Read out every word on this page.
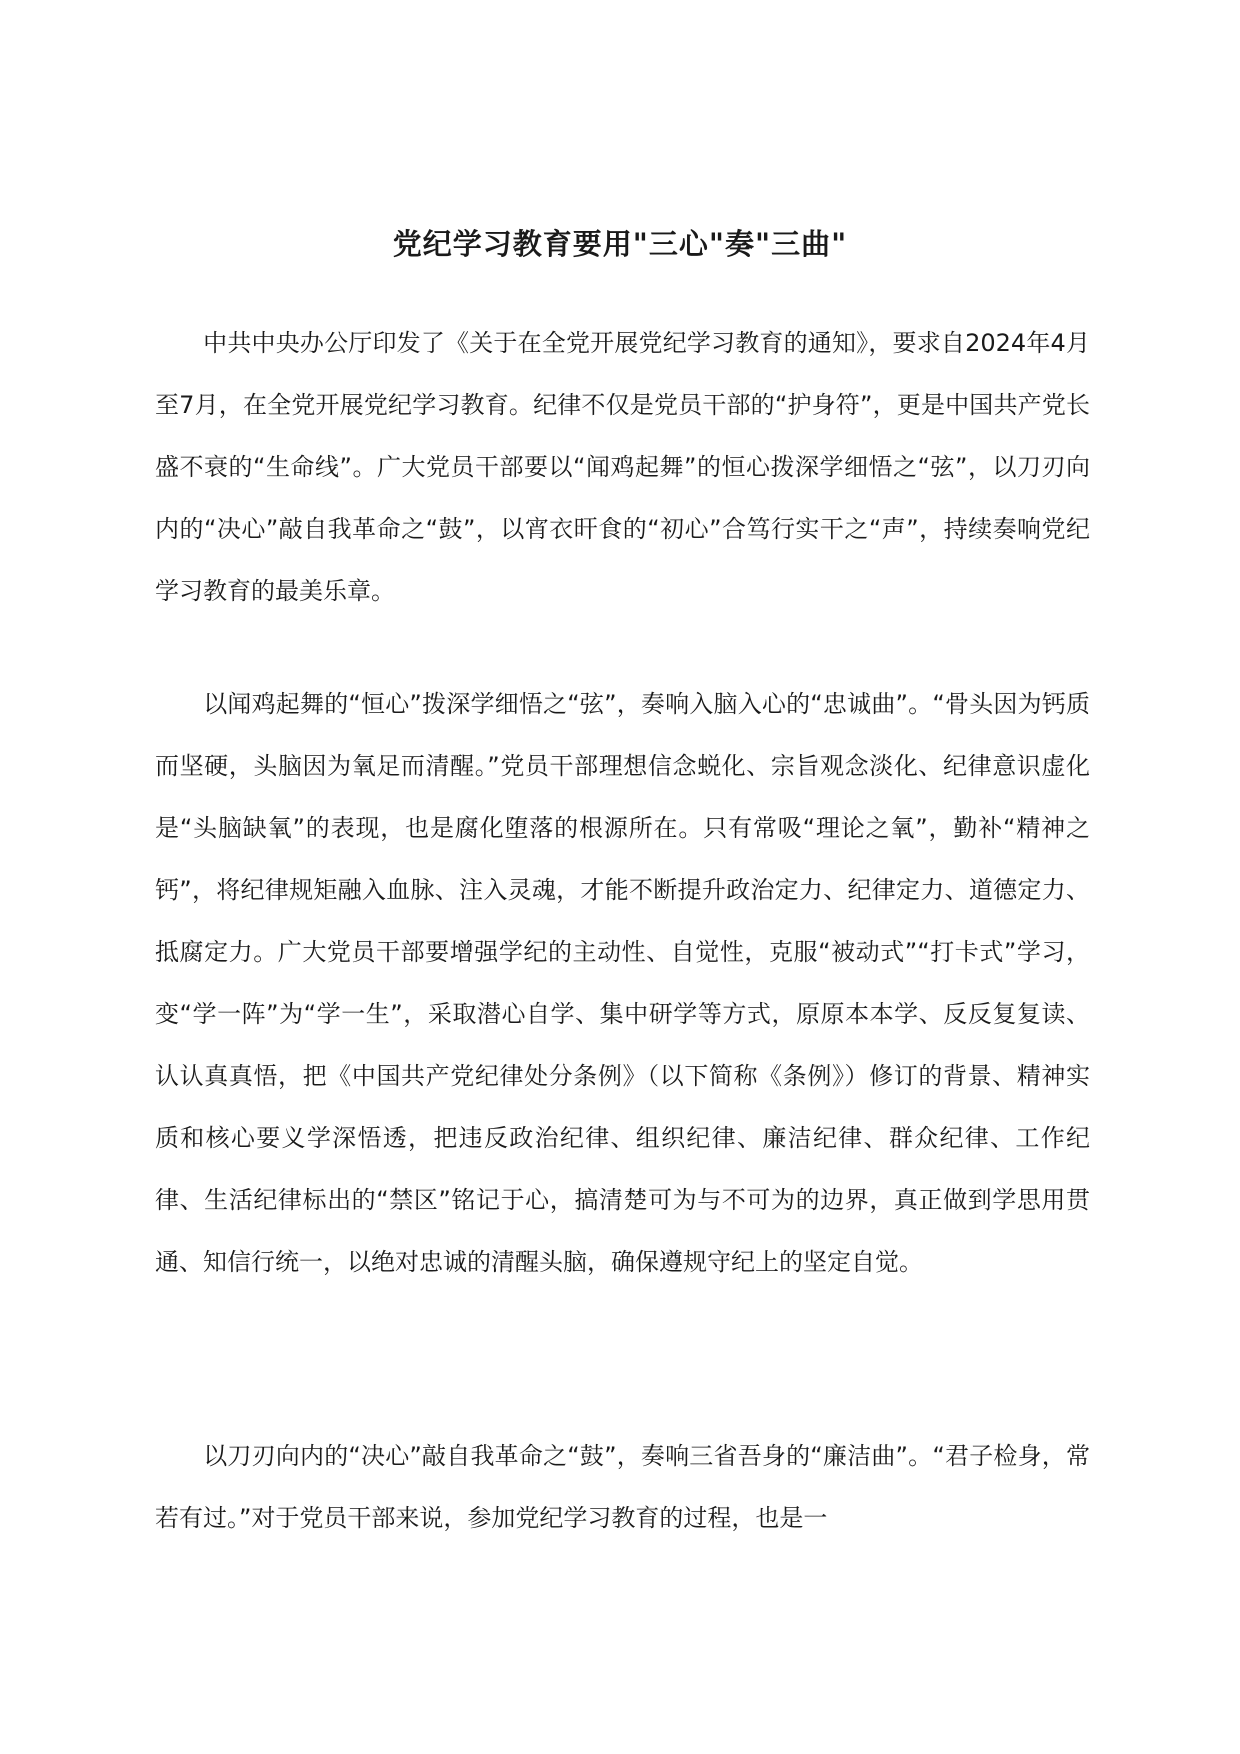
党纪学习教育要用"三心"奏"三曲"

中共中央办公厅印发了《关于在全党开展党纪学习教育的通知》，要求自2024年4月至7月，在全党开展党纪学习教育。纪律不仅是党员干部的“护身符”，更是中国共产党长盛不衰的“生命线”。广大党员干部要以“闻鸡起舞”的恒心拨深学细悟之“弦”，以刀刃向内的“决心”敲自我革命之“鼓”，以宵衣旰食的“初心”合笃行实干之“声”，持续奏响党纪学习教育的最美乐章。

以闻鸡起舞的“恒心”拨深学细悟之“弦”，奏响入脑入心的“忠诚曲”。“骨头因为钙质而坚硬，头脑因为氧足而清醒。”党员干部理想信念蜕化、宗旨观念淡化、纪律意识虚化是“头脑缺氧”的表现，也是腐化堕落的根源所在。只有常吸“理论之氧”，勤补“精神之钙”，将纪律规矩融入血脉、注入灵魂，才能不断提升政治定力、纪律定力、道德定力、抵腐定力。广大党员干部要增强学纪的主动性、自觉性，克服“被动式”“打卡式”学习，变“学一阵”为“学一生”，采取潜心自学、集中研学等方式，原原本本学、反反复复读、认认真真悟，把《中国共产党纪律处分条例》（以下简称《条例》）修订的背景、精神实质和核心要义学深悟透，把违反政治纪律、组织纪律、廉洁纪律、群众纪律、工作纪律、生活纪律标出的“禁区”铭记于心，搞清楚可为与不可为的边界，真正做到学思用贯通、知信行统一，以绝对忠诚的清醒头脑，确保遵规守纪上的坚定自觉。

以刀刃向内的“决心”敲自我革命之“鼓”，奏响三省吾身的“廉洁曲”。“君子检身，常若有过。”对于党员干部来说，参加党纪学习教育的过程，也是一
